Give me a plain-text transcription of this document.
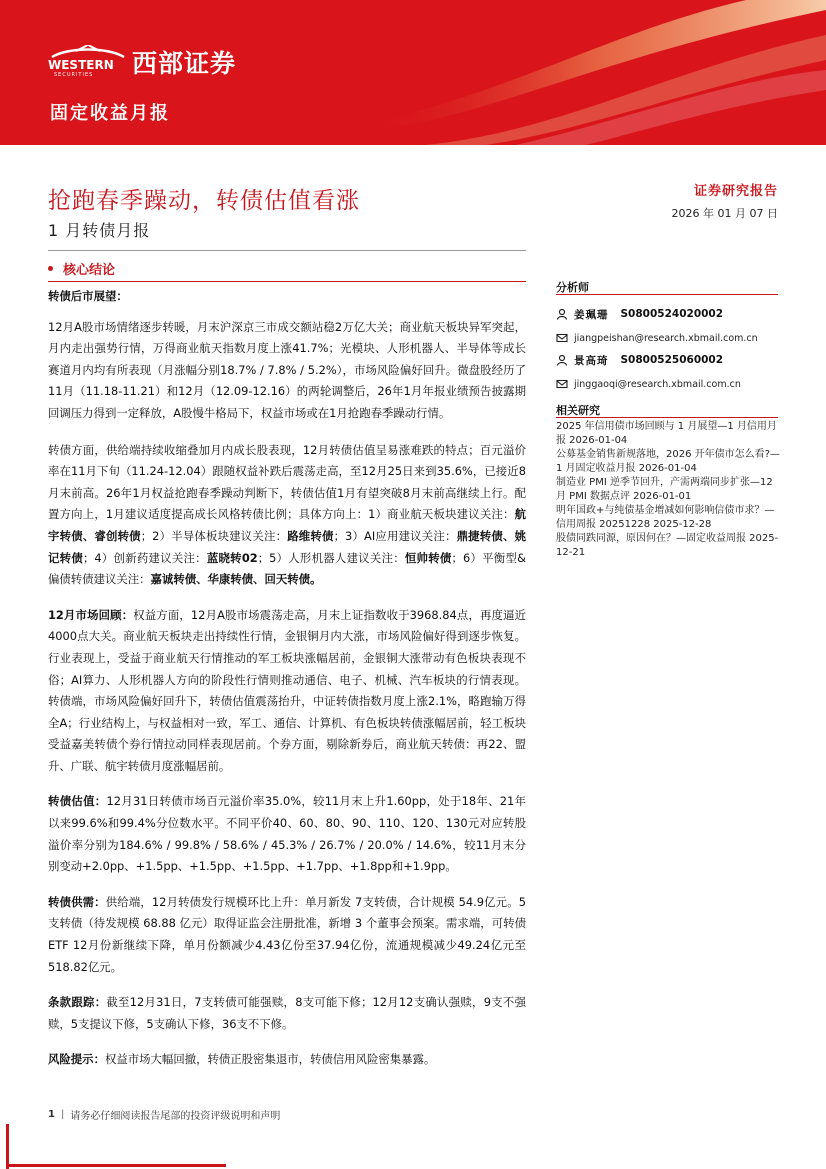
WESTERN
SECURITIES 西部证券
固定收益月报
抢跑春季躁动，转债估值看涨
1 月转债月报
证券研究报告
2026 年 01 月 07 日
核心结论

转债后市展望：

12月A股市场情绪逐步转暖，月末沪深京三市成交额站稳2万亿大关；商业航天板块异军突起，月内走出强势行情，万得商业航天指数月度上涨41.7%；光模块、人形机器人、半导体等成长赛道月内均有所表现（月涨幅分别18.7% / 7.8% / 5.2%），市场风险偏好回升。微盘股经历了11月（11.18-11.21）和12月（12.09-12.16）的两轮调整后，26年1月年报业绩预告披露期回调压力得到一定释放，A股慢牛格局下，权益市场或在1月抢跑春季躁动行情。

转债方面，供给端持续收缩叠加月内成长股表现，12月转债估值呈易涨难跌的特点；百元溢价率在11月下旬（11.24-12.04）跟随权益补跌后震荡走高，至12月25日来到35.6%，已接近8月末前高。26年1月权益抢跑春季躁动判断下，转债估值1月有望突破8月末前高继续上行。配置方向上，1月建议适度提高成长风格转债比例；具体方向上：1）商业航天板块建议关注：航宇转债、睿创转债；2）半导体板块建议关注：路维转债；3）AI应用建议关注：鼎捷转债、姚记转债；4）创新药建议关注：蓝晓转02；5）人形机器人建议关注：恒帅转债；6）平衡型&偏债转债建议关注：嘉诚转债、华康转债、回天转债。

12月市场回顾：权益方面，12月A股市场震荡走高，月末上证指数收于3968.84点，再度逼近4000点大关。商业航天板块走出持续性行情，金银铜月内大涨，市场风险偏好得到逐步恢复。行业表现上，受益于商业航天行情推动的军工板块涨幅居前，金银铜大涨带动有色板块表现不俗；AI算力、人形机器人方向的阶段性行情则推动通信、电子、机械、汽车板块的行情表现。转债端，市场风险偏好回升下，转债估值震荡抬升，中证转债指数月度上涨2.1%，略跑输万得全A；行业结构上，与权益相对一致，军工、通信、计算机、有色板块转债涨幅居前，轻工板块受益嘉美转债个券行情拉动同样表现居前。个券方面，剔除新券后，商业航天转债：再22、盟升、广联、航宇转债月度涨幅居前。

转债估值：12月31日转债市场百元溢价率35.0%，较11月末上升1.60pp，处于18年、21年以来99.6%和99.4%分位数水平。不同平价40、60、80、90、110、120、130元对应转股溢价率分别为184.6% / 99.8% / 58.6% / 45.3% / 26.7% / 20.0% / 14.6%，较11月末分别变动+2.0pp、+1.5pp、+1.5pp、+1.5pp、+1.7pp、+1.8pp和+1.9pp。

转债供需：供给端，12月转债发行规模环比上升：单月新发 7支转债，合计规模 54.9亿元。5支转债（待发规模 68.88 亿元）取得证监会注册批准，新增 3 个董事会预案。需求端，可转债ETF 12月份新继续下降，单月份额减少4.43亿份至37.94亿份，流通规模减少49.24亿元至518.82亿元。

条款跟踪：截至12月31日，7支转债可能强赎，8支可能下修；12月12支确认强赎，9支不强赎，5支提议下修，5支确认下修，36支不下修。

风险提示：权益市场大幅回撤，转债正股密集退市，转债信用风险密集暴露。

分析师
姜珮珊 S0800524020002
jiangpeishan@research.xbmail.com.cn
景高琦 S0800525060002
jinggaoqi@research.xbmail.com.cn
相关研究
2025 年信用债市场回顾与 1 月展望—1 月信用月报 2026-01-04
公募基金销售新规落地，2026 开年债市怎么看?—1 月固定收益月报 2026-01-04
制造业 PMI 逆季节回升，产需两端同步扩张—12 月 PMI 数据点评 2026-01-01
明年国政+与纯债基金增减如何影响信债市求？—信用周报 20251228 2025-12-28
股债同跌同源，原因何在？—固定收益周报 2025-12-21
1 | 请务必仔细阅读报告尾部的投资评级说明和声明
